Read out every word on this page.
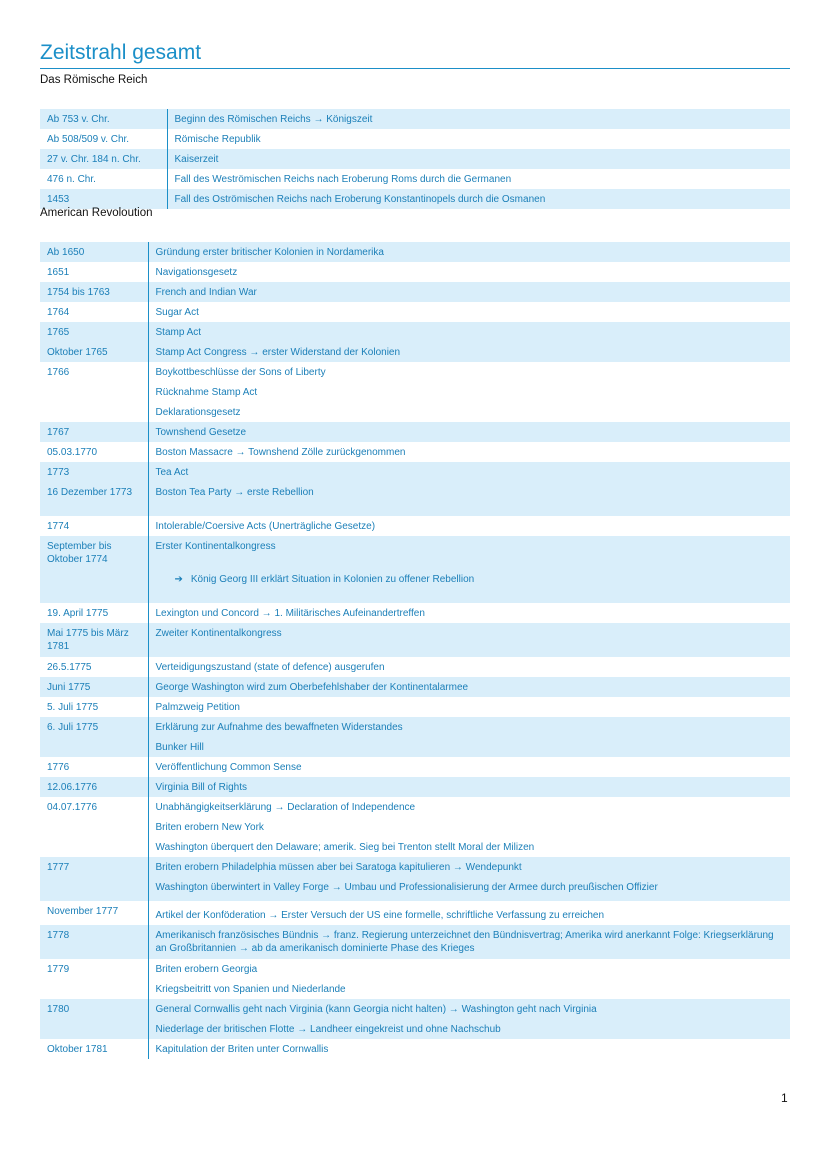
Zeitstrahl gesamt
Das Römische Reich
Ab 753 v. Chr.	Beginn des Römischen Reichs → Königszeit
Ab 508/509 v. Chr.	Römische Republik
27 v. Chr. 184 n. Chr.	Kaiserzeit
476 n. Chr.	Fall des Weströmischen Reichs nach Eroberung Roms durch die Germanen
1453	Fall des Oströmischen Reichs nach Eroberung Konstantinopels durch die Osmanen
American Revoloution
Ab 1650	Gründung erster britischer Kolonien in Nordamerika
1651	Navigationsgesetz
1754 bis 1763	French and Indian War
1764	Sugar Act
1765	Stamp Act
Oktober 1765	Stamp Act Congress → erster Widerstand der Kolonien
1766	Boykottbeschlüsse der Sons of Liberty
	Rücknahme Stamp Act
	Deklarationsgesetz
1767	Townshend Gesetze
05.03.1770	Boston Massacre → Townshend Zölle zurückgenommen
1773	Tea Act
16 Dezember 1773	Boston Tea Party → erste Rebellion
1774	Intolerable/Coersive Acts (Unerträgliche Gesetze)
September bis Oktober 1774	Erster Kontinentalkongress
	➔ König Georg III erklärt Situation in Kolonien zu offener Rebellion
19. April 1775	Lexington und Concord → 1. Militärisches Aufeinandertreffen
Mai 1775 bis März 1781	Zweiter Kontinentalkongress
26.5.1775	Verteidigungszustand (state of defence) ausgerufen
Juni 1775	George Washington wird zum Oberbefehlshaber der Kontinentalarmee
5. Juli 1775	Palmzweig Petition
6. Juli 1775	Erklärung zur Aufnahme des bewaffneten Widerstandes
	Bunker Hill
1776	Veröffentlichung Common Sense
12.06.1776	Virginia Bill of Rights
04.07.1776	Unabhängigkeitserklärung → Declaration of Independence
	Briten erobern New York
	Washington überquert den Delaware; amerik. Sieg bei Trenton stellt Moral der Milizen
1777	Briten erobern Philadelphia müssen aber bei Saratoga kapitulieren → Wendepunkt
	Washington überwintert in Valley Forge → Umbau und Professionalisierung der Armee durch preußischen Offizier
November 1777	Artikel der Konföderation → Erster Versuch der US eine formelle, schriftliche Verfassung zu erreichen
1778	Amerikanisch französisches Bündnis → franz. Regierung unterzeichnet den Bündnisvertrag; Amerika wird anerkannt Folge: Kriegserklärung an Großbritannien → ab da amerikanisch dominierte Phase des Krieges
1779	Briten erobern Georgia
	Kriegsbeitritt von Spanien und Niederlande
1780	General Cornwallis geht nach Virginia (kann Georgia nicht halten) → Washington geht nach Virginia
	Niederlage der britischen Flotte → Landheer eingekreist und ohne Nachschub
Oktober 1781	Kapitulation der Briten unter Cornwallis
1
